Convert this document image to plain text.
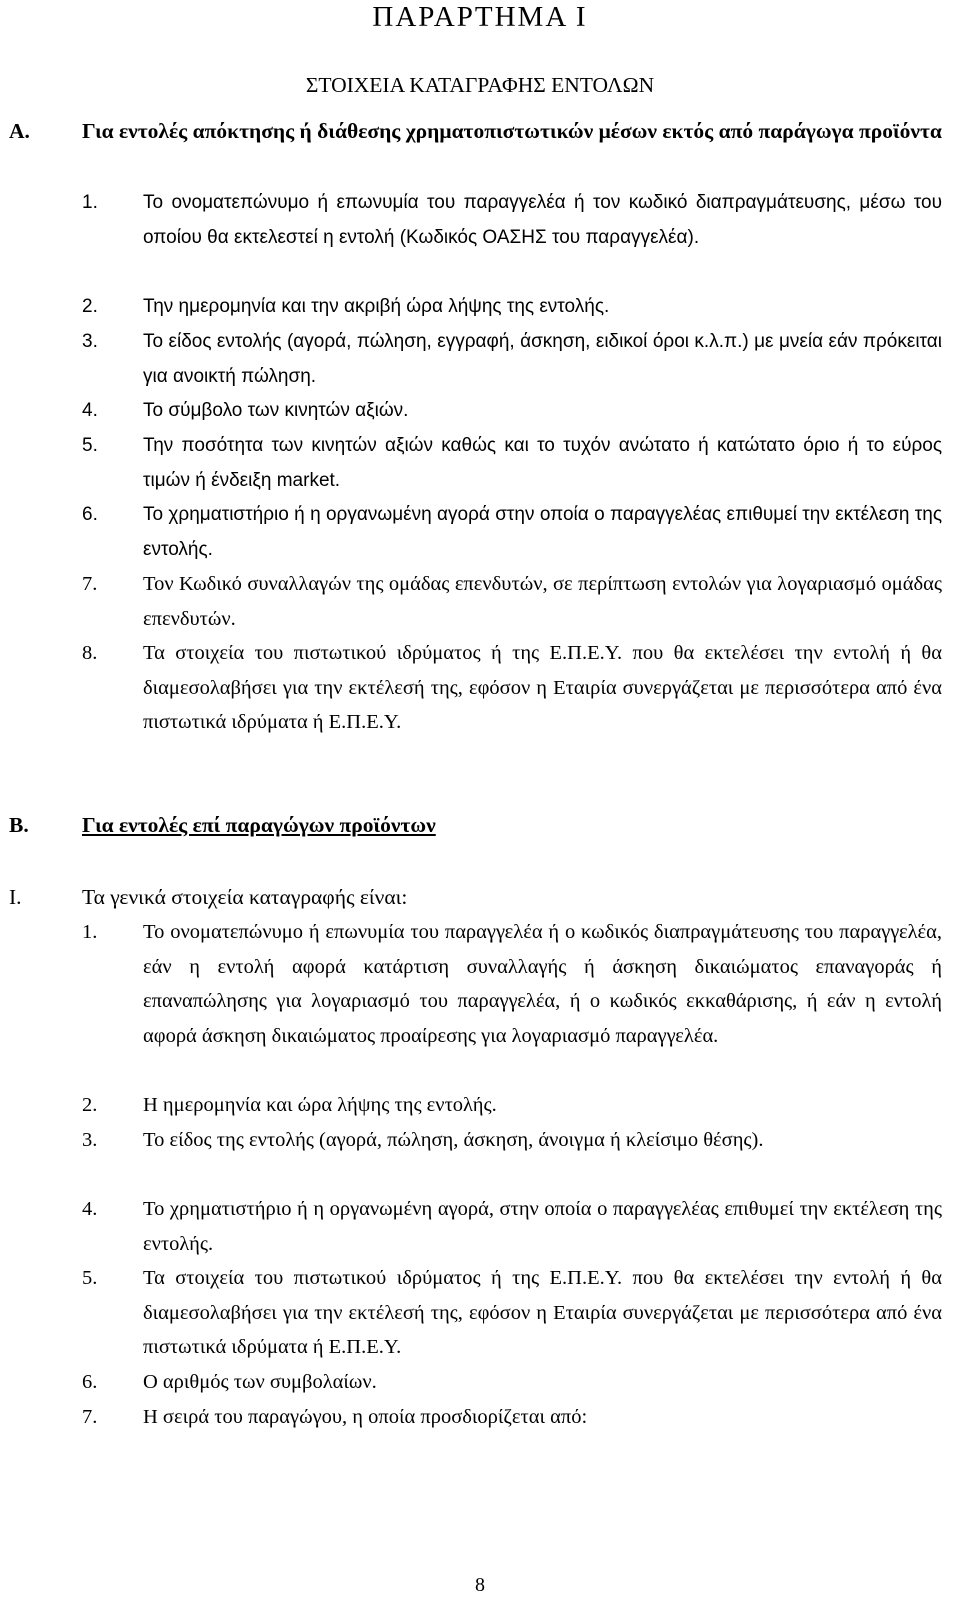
ΠΑΡΑΡΤΗΜΑ Ι
ΣΤΟΙΧΕΙΑ ΚΑΤΑΓΡΑΦΗΣ ΕΝΤΟΛΩΝ
Α. Για εντολές απόκτησης ή διάθεσης χρηματοπιστωτικών μέσων εκτός από παράγωγα προϊόντα
1. Το ονοματεπώνυμο ή επωνυμία του παραγγελέα ή τον κωδικό διαπραγμάτευσης, μέσω του οποίου θα εκτελεστεί η εντολή (Κωδικός ΟΑΣΗΣ του παραγγελέα).
2. Την ημερομηνία και την ακριβή ώρα λήψης της εντολής.
3. Το είδος εντολής (αγορά, πώληση, εγγραφή, άσκηση, ειδικοί όροι κ.λ.π.) με μνεία εάν πρόκειται για ανοικτή πώληση.
4. Το σύμβολο των κινητών αξιών.
5. Την ποσότητα των κινητών αξιών καθώς και το τυχόν ανώτατο ή κατώτατο όριο ή το εύρος τιμών ή ένδειξη market.
6. Το χρηματιστήριο ή η οργανωμένη αγορά στην οποία ο παραγγελέας επιθυμεί την εκτέλεση της εντολής.
7. Τον Κωδικό συναλλαγών της ομάδας επενδυτών, σε περίπτωση εντολών για λογαριασμό ομάδας επενδυτών.
8. Τα στοιχεία του πιστωτικού ιδρύματος ή της Ε.Π.Ε.Υ. που θα εκτελέσει την εντολή ή θα διαμεσολαβήσει για την εκτέλεσή της, εφόσον η Εταιρία συνεργάζεται με περισσότερα από ένα πιστωτικά ιδρύματα ή Ε.Π.Ε.Υ.
Β. Για εντολές επί παραγώγων προϊόντων
Ι.	Τα γενικά στοιχεία καταγραφής είναι:
1. Το ονοματεπώνυμο ή επωνυμία του παραγγελέα ή ο κωδικός διαπραγμάτευσης του παραγγελέα, εάν η εντολή αφορά κατάρτιση συναλλαγής ή άσκηση δικαιώματος επαναγοράς ή επαναπώλησης για λογαριασμό του παραγγελέα, ή ο κωδικός εκκαθάρισης, ή εάν η εντολή αφορά άσκηση δικαιώματος προαίρεσης για λογαριασμό παραγγελέα.
2. Η ημερομηνία και ώρα λήψης της εντολής.
3. Το είδος της εντολής (αγορά, πώληση, άσκηση, άνοιγμα ή κλείσιμο θέσης).
4. Το χρηματιστήριο ή η οργανωμένη αγορά, στην οποία ο παραγγελέας επιθυμεί την εκτέλεση της εντολής.
5. Τα στοιχεία του πιστωτικού ιδρύματος ή της Ε.Π.Ε.Υ. που θα εκτελέσει την εντολή ή θα διαμεσολαβήσει για την εκτέλεσή της, εφόσον η Εταιρία συνεργάζεται με περισσότερα από ένα πιστωτικά ιδρύματα ή Ε.Π.Ε.Υ.
6. Ο αριθμός των συμβολαίων.
7. Η σειρά του παραγώγου, η οποία προσδιορίζεται από:
8
